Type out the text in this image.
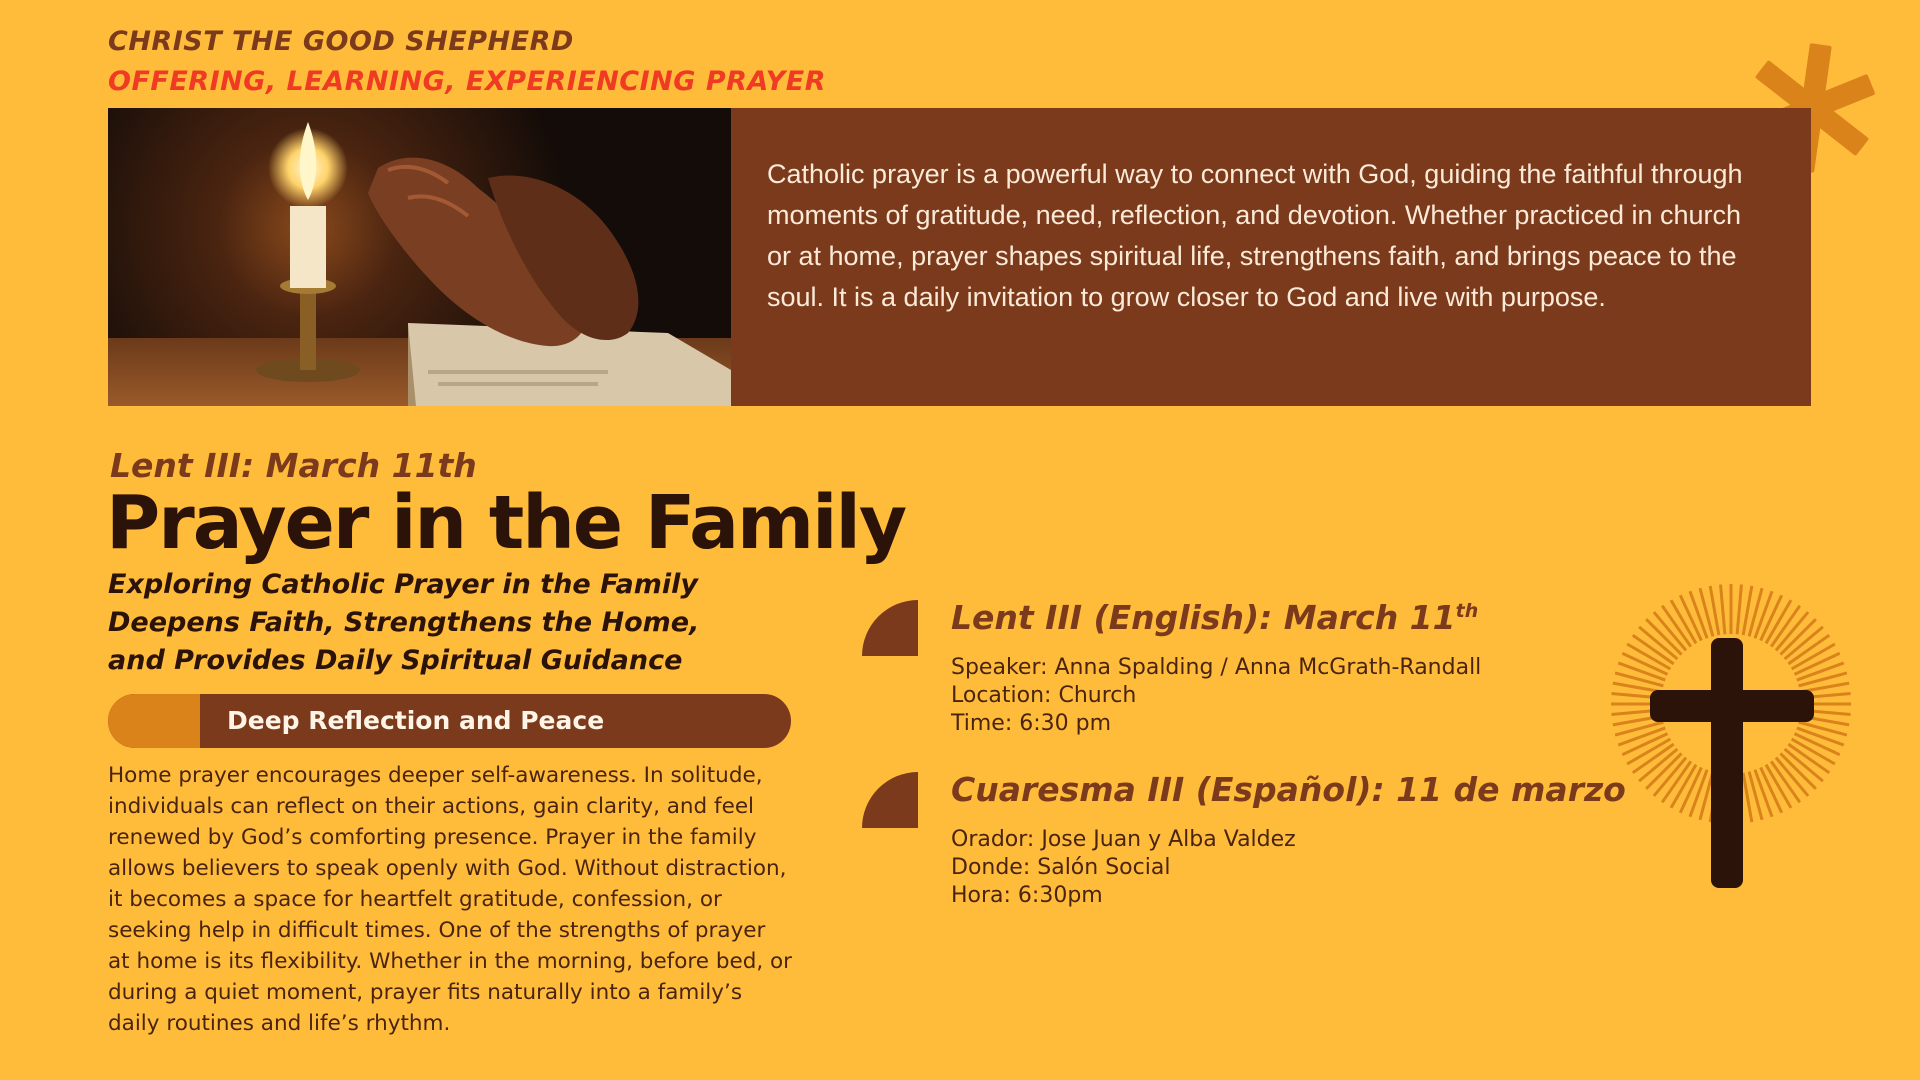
CHRIST THE GOOD SHEPHERD
OFFERING, LEARNING, EXPERIENCING PRAYER
Catholic prayer is a powerful way to connect with God, guiding the faithful through moments of gratitude, need, reflection, and devotion. Whether practiced in church or at home, prayer shapes spiritual life, strengthens faith, and brings peace to the soul. It is a daily invitation to grow closer to God and live with purpose.
Lent III: March 11th
Prayer in the Family
Exploring Catholic Prayer in the Family Deepens Faith, Strengthens the Home, and Provides Daily Spiritual Guidance
Deep Reflection and Peace
Home prayer encourages deeper self-awareness. In solitude, individuals can reflect on their actions, gain clarity, and feel renewed by God’s comforting presence. Prayer in the family allows believers to speak openly with God. Without distraction, it becomes a space for heartfelt gratitude, confession, or seeking help in difficult times. One of the strengths of prayer at home is its flexibility. Whether in the morning, before bed, or during a quiet moment, prayer fits naturally into a family’s daily routines and life’s rhythm.
Lent III (English): March 11th
Speaker: Anna Spalding / Anna McGrath-Randall
Location: Church
Time: 6:30 pm
Cuaresma III (Español): 11 de marzo
Orador: Jose Juan y Alba Valdez
Donde: Salón Social
Hora: 6:30pm
